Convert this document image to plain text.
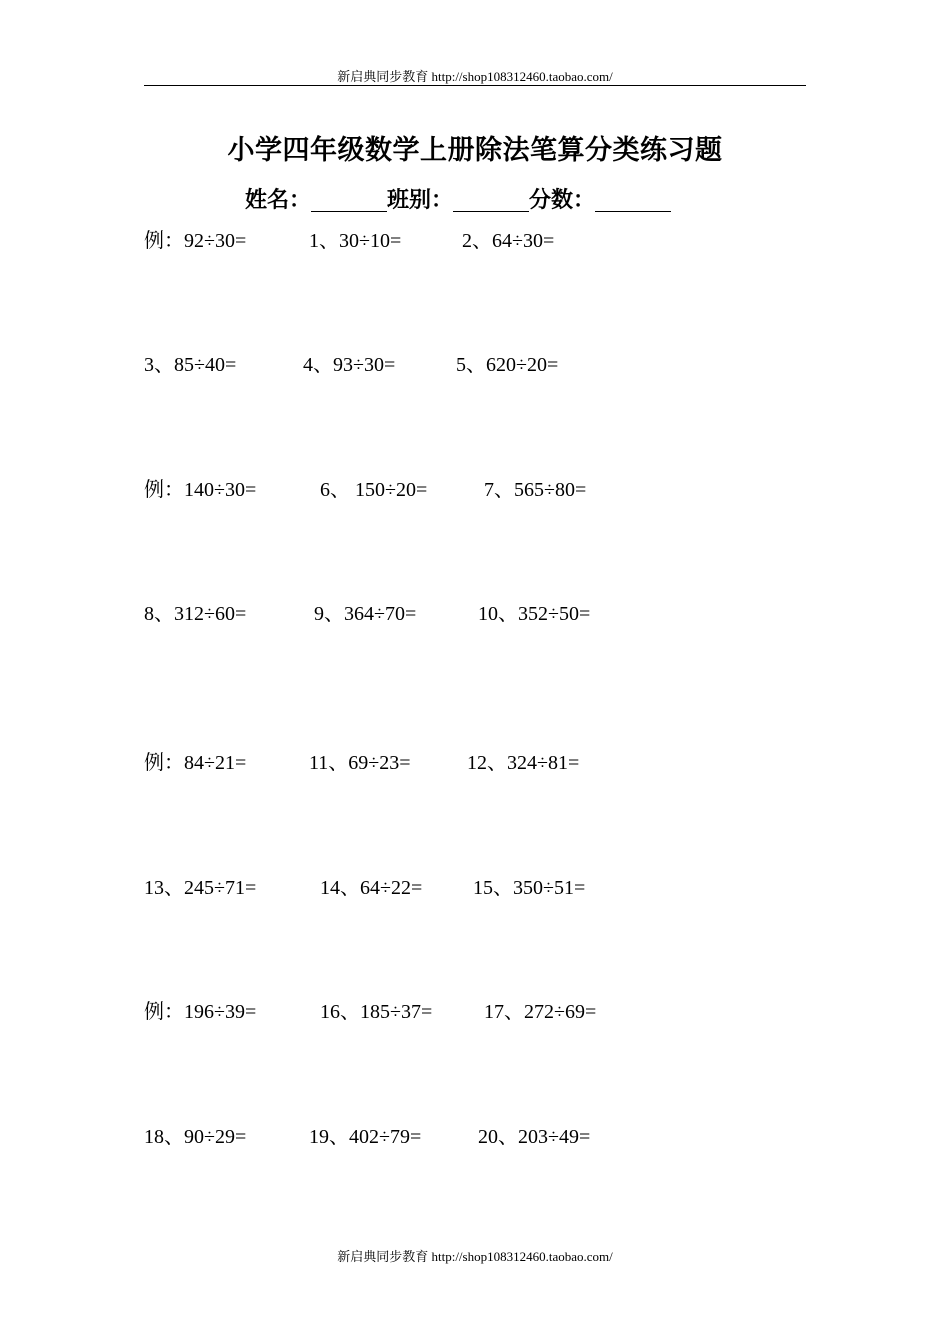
新启典同步教育 http://shop108312460.taobao.com/
小学四年级数学上册除法笔算分类练习题
姓名：	班别：	分数：
例：92÷30=	1、30÷10=	2、64÷30=
3、85÷40=	4、93÷30=	5、620÷20=
例：140÷30=	6、 150÷20=	7、565÷80=
8、312÷60=	9、364÷70=	10、352÷50=
例：84÷21=	11、69÷23=	12、324÷81=
13、245÷71=	14、64÷22=	15、350÷51=
例：196÷39=	16、185÷37=	17、272÷69=
18、90÷29=	19、402÷79=	20、203÷49=
新启典同步教育 http://shop108312460.taobao.com/
